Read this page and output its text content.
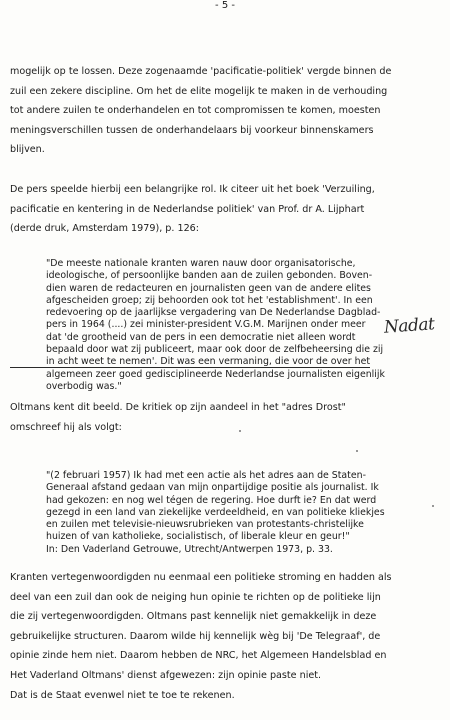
- 5 -
mogelijk op te lossen. Deze zogenaamde 'pacificatie-politiek' vergde binnen de
zuil een zekere discipline. Om het de elite mogelijk te maken in de verhouding
tot andere zuilen te onderhandelen en tot compromissen te komen, moesten
meningsverschillen tussen de onderhandelaars bij voorkeur binnenskamers
blijven.
De pers speelde hierbij een belangrijke rol. Ik citeer uit het boek 'Verzuiling,
pacificatie en kentering in de Nederlandse politiek' van Prof. dr A. Lijphart
(derde druk, Amsterdam 1979), p. 126:
"De meeste nationale kranten waren nauw door organisatorische,
ideologische, of persoonlijke banden aan de zuilen gebonden. Boven-
dien waren de redacteuren en journalisten geen van de andere elites
afgescheiden groep; zij behoorden ook tot het 'establishment'. In een
redevoering op de jaarlijkse vergadering van De Nederlandse Dagblad-
pers in 1964 (....) zei minister-president V.G.M. Marijnen onder meer
dat 'de grootheid van de pers in een democratie niet alleen wordt
bepaald door wat zij publiceert, maar ook door de zelfbeheersing die zij
in acht weet te nemen'. Dit was een vermaning, die voor de over het
algemeen zeer goed gedisciplineerde Nederlandse journalisten eigenlijk
overbodig was."
Nadat
Oltmans kent dit beeld. De kritiek op zijn aandeel in het "adres Drost"
omschreef hij als volgt:
"(2 februari 1957) Ik had met een actie als het adres aan de Staten-
Generaal afstand gedaan van mijn onpartijdige positie als journalist. Ik
had gekozen: en nog wel tégen de regering. Hoe durft ie? En dat werd
gezegd in een land van ziekelijke verdeeldheid, en van politieke kliekjes
en zuilen met televisie-nieuwsrubrieken van protestants-christelijke
huizen of van katholieke, socialistisch, of liberale kleur en geur!"
In: Den Vaderland Getrouwe, Utrecht/Antwerpen 1973, p. 33.
Kranten vertegenwoordigden nu eenmaal een politieke stroming en hadden als
deel van een zuil dan ook de neiging hun opinie te richten op de politieke lijn
die zij vertegenwoordigden. Oltmans past kennelijk niet gemakkelijk in deze
gebruikelijke structuren. Daarom wilde hij kennelijk wèg bij 'De Telegraaf', de
opinie zinde hem niet. Daarom hebben de NRC, het Algemeen Handelsblad en
Het Vaderland Oltmans' dienst afgewezen: zijn opinie paste niet.
Dat is de Staat evenwel niet te toe te rekenen.
